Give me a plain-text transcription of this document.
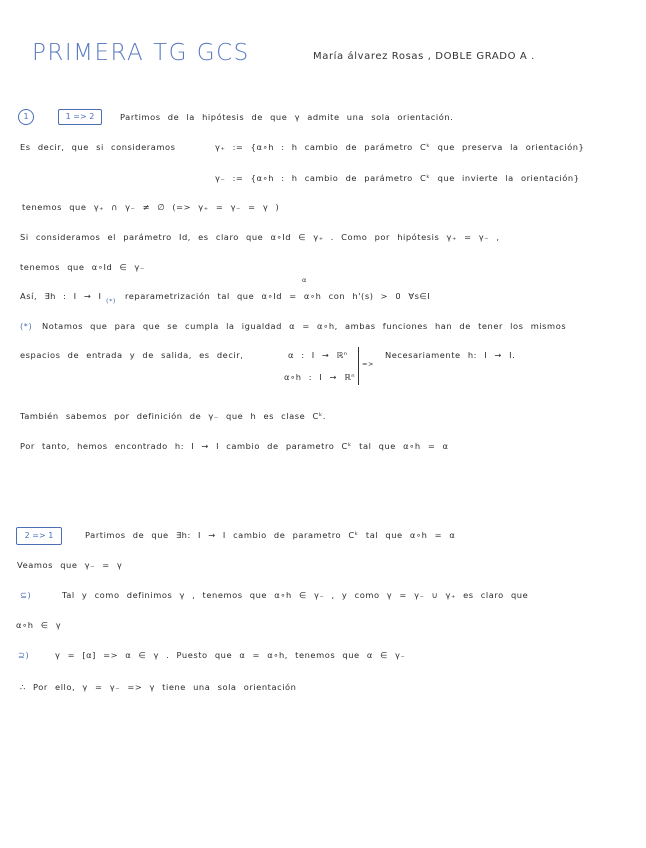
PRIMERA TG GCS	María álvarez Rosas , DOBLE GRADO A .
1	1 => 2	Partimos de la hipótesis de que γ admite una sola orientación.
Es decir, que si consideramos	γ₊ := {α∘h : h cambio de parámetro Cᵏ que preserva la orientación}
γ₋ := {α∘h : h cambio de parámetro Cᵏ que invierte la orientación}
tenemos que γ₊ ∩ γ₋ ≠ ∅ (=> γ₊ = γ₋ = γ )
Si consideramos el parámetro Id, es claro que α∘Id ∈ γ₊ . Como por hipótesis γ₊ = γ₋ ,
tenemos que α∘Id ∈ γ₋
Así, ∃h : I → I (*) reparametrización tal que α∘Id = α∘h con h'(s) > 0 ∀s∈I
α
(*) Notamos que para que se cumpla la igualdad α = α∘h, ambas funciones han de tener los mismos
espacios de entrada y de salida, es decir,	α : I → ℝⁿ
α∘h : I → ℝⁿ
=>
Necesariamente h: I → I.
También sabemos por definición de γ₋ que h es clase Cᵏ.
Por tanto, hemos encontrado h: I → I cambio de parametro Cᵏ tal que α∘h = α
2 => 1	Partimos de que ∃h: I → I cambio de parametro Cᵏ tal que α∘h = α
Veamos que γ₋ = γ
⊆)	Tal y como definimos γ , tenemos que α∘h ∈ γ₋ , y como γ = γ₋ ∪ γ₊ es claro que
α∘h ∈ γ
⊇)	γ = [α] => α ∈ γ . Puesto que α = α∘h, tenemos que α ∈ γ₋
∴ Por ello, γ = γ₋ => γ tiene una sola orientación
